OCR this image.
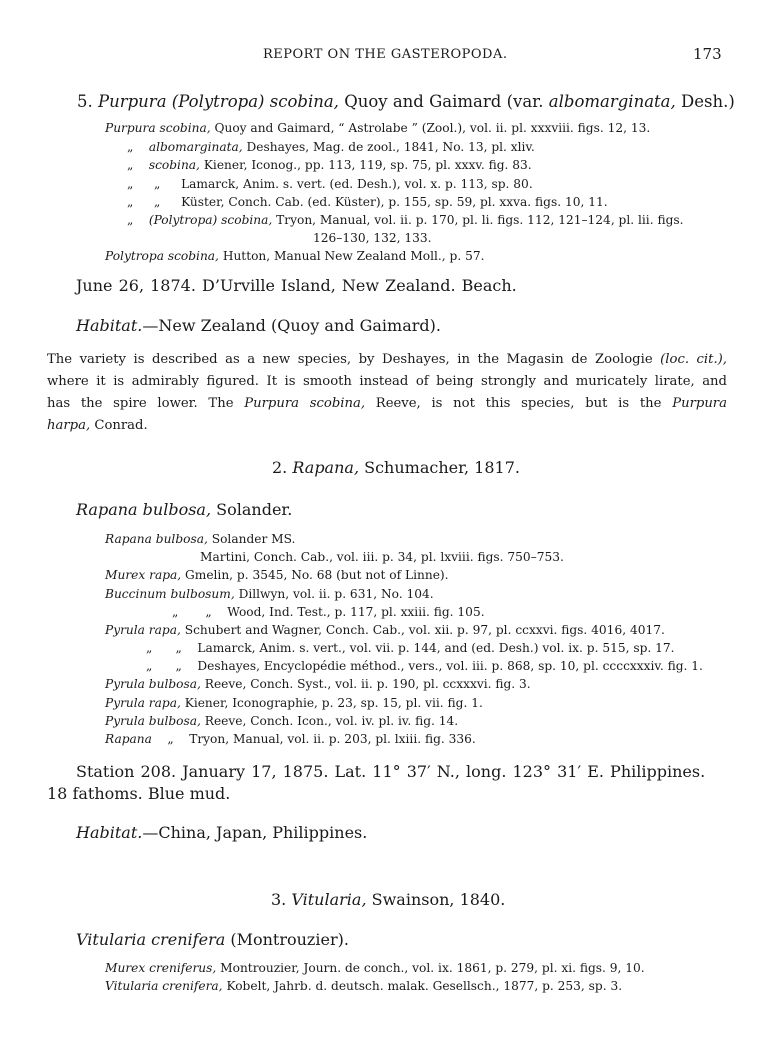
REPORT ON THE GASTEROPODA.	173
5. Purpura (Polytropa) scobina, Quoy and Gaimard (var. albomarginata, Desh.)
Purpura scobina, Quoy and Gaimard, “ Astrolabe ” (Zool.), vol. ii. pl. xxxviii. figs. 12, 13.
„ albomarginata, Deshayes, Mag. de zool., 1841, No. 13, pl. xliv.
„ scobina, Kiener, Iconog., pp. 113, 119, sp. 75, pl. xxxv. fig. 83.
„ „ Lamarck, Anim. s. vert. (ed. Desh.), vol. x. p. 113, sp. 80.
„ „ Küster, Conch. Cab. (ed. Küster), p. 155, sp. 59, pl. xxva. figs. 10, 11.
„ (Polytropa) scobina, Tryon, Manual, vol. ii. p. 170, pl. li. figs. 112, 121–124, pl. lii. figs.
126–130, 132, 133.
Polytropa scobina, Hutton, Manual New Zealand Moll., p. 57.
June 26, 1874. D’Urville Island, New Zealand. Beach.
Habitat.—New Zealand (Quoy and Gaimard).
The variety is described as a new species, by Deshayes, in the Magasin de Zoologie (loc. cit.),
where it is admirably figured. It is smooth instead of being strongly and muricately lirate, and
has the spire lower. The Purpura scobina, Reeve, is not this species, but is the Purpura
harpa, Conrad.
2. Rapana, Schumacher, 1817.
Rapana bulbosa, Solander.
Rapana bulbosa, Solander MS.
Martini, Conch. Cab., vol. iii. p. 34, pl. lxviii. figs. 750–753.
Murex rapa, Gmelin, p. 3545, No. 68 (but not of Linne).
Buccinum bulbosum, Dillwyn, vol. ii. p. 631, No. 104.
„       „ Wood, Ind. Test., p. 117, pl. xxiii. fig. 105.
Pyrula rapa, Schubert and Wagner, Conch. Cab., vol. xii. p. 97, pl. ccxxvi. figs. 4016, 4017.
„      „ Lamarck, Anim. s. vert., vol. vii. p. 144, and (ed. Desh.) vol. ix. p. 515, sp. 17.
„      „ Deshayes, Encyclopédie méthod., vers., vol. iii. p. 868, sp. 10, pl. ccccxxxiv. fig. 1.
Pyrula bulbosa, Reeve, Conch. Syst., vol. ii. p. 190, pl. ccxxxvi. fig. 3.
Pyrula rapa, Kiener, Iconographie, p. 23, sp. 15, pl. vii. fig. 1.
Pyrula bulbosa, Reeve, Conch. Icon., vol. iv. pl. iv. fig. 14.
Rapana „    Tryon, Manual, vol. ii. p. 203, pl. lxiii. fig. 336.
Station 208. January 17, 1875. Lat. 11° 37′ N., long. 123° 31′ E. Philippines.
18 fathoms. Blue mud.
Habitat.—China, Japan, Philippines.
3. Vitularia, Swainson, 1840.
Vitularia crenifera (Montrouzier).
Murex creniferus, Montrouzier, Journ. de conch., vol. ix. 1861, p. 279, pl. xi. figs. 9, 10.
Vitularia crenifera, Kobelt, Jahrb. d. deutsch. malak. Gesellsch., 1877, p. 253, sp. 3.
